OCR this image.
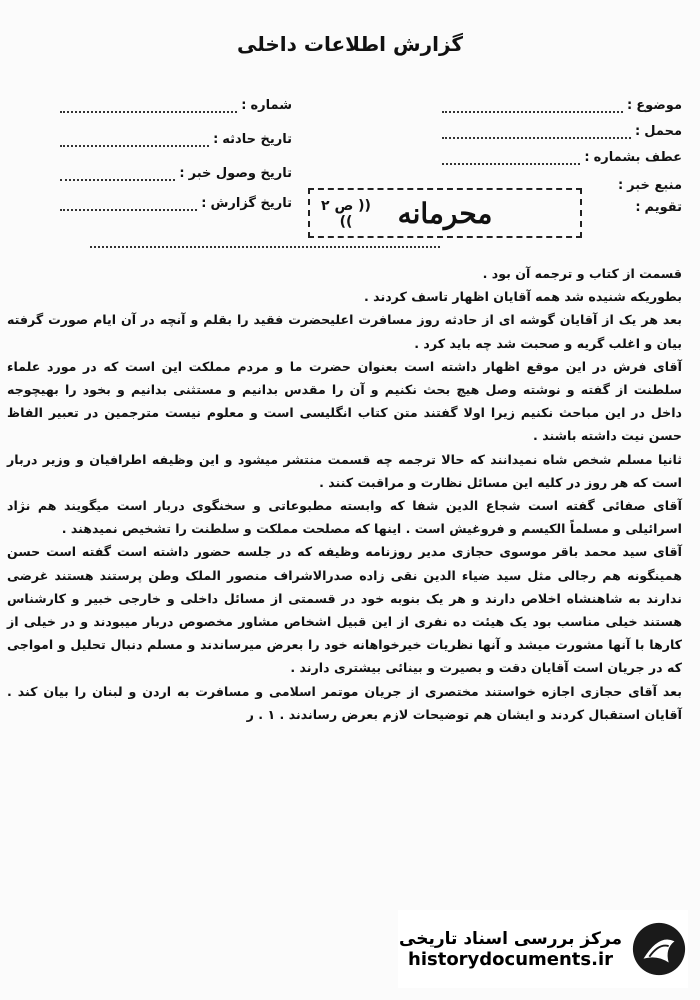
گزارش اطلاعات داخلی
موضوع
:
محمل
:
عطف بشماره
:
منبع خبر
:
تقویم
:
شماره
:
تاریخ حادثه
:
تاریخ وصول خبر
:
تاریخ گزارش
:	محرمانه
(( ص ۲ ))

قسمت از کتاب و ترجمه آن بود .

بطوریکه شنیده شد همه آقایان اظهار تاسف کردند .

بعد هر یک از آقایان گوشه ای از حادثه روز مسافرت اعلیحضرت فقید را بقلم و آنچه در آن ایام صورت گرفته بیان و اغلب گریه و صحبت شد چه باید کرد .

آقای فرش در این موقع اظهار داشته است بعنوان حضرت ما و مردم مملکت این است که در مورد علماء سلطنت از گفته و نوشته وصل هیچ بحث نکنیم و آن را مقدس بدانیم و مستثنی بدانیم و بخود را بهیچوجه داخل در این مباحث نکنیم زیرا اولا گفتند متن کتاب انگلیسی است و معلوم نیست مترجمین در تعبیر الفاظ حسن نیت داشته باشند .

ثانیا مسلم شخص شاه نمیدانند که حالا ترجمه چه قسمت منتشر میشود و این وظیفه اطرافیان و وزیر دربار است که هر روز در کلیه این مسائل نظارت و مراقبت کنند .

آقای صفائی گفته است شجاع الدین شفا که وابسته مطبوعاتی و سخنگوی دربار است میگویند هم نژاد اسرائیلی و مسلماً الکیسم و فروغیش است . اینها که مصلحت مملکت و سلطنت را تشخیص نمیدهند .

آقای سید محمد باقر موسوی حجازی مدیر روزنامه وظیفه که در جلسه حضور داشته است گفته است حسن همینگونه هم رجالی مثل سید ضیاء الدین نقی زاده صدرالاشراف منصور الملک وطن پرستند هستند غرضی ندارند به شاهنشاه اخلاص دارند و هر یک بنوبه خود در قسمتی از مسائل داخلی و خارجی خبیر و کارشناس هستند خیلی مناسب بود یک هیئت ده نفری از این قبیل اشخاص مشاور مخصوص دربار میبودند و در خیلی از کارها با آنها مشورت میشد و آنها نظریات خیرخواهانه خود را بعرض میرساندند و مسلم دنبال تحلیل و امواجی که در جریان است آقایان دقت و بصیرت و بینائی بیشتری دارند .

بعد آقای حجازی اجازه خواستند مختصری از جریان موتمر اسلامی و مسافرت به اردن و لبنان را بیان کند . آقایان استقبال کردند و ایشان هم توضیحات لازم بعرض رساندند . ۱ . ر

مرکز بررسی اسناد تاریخی
historydocuments.ir
